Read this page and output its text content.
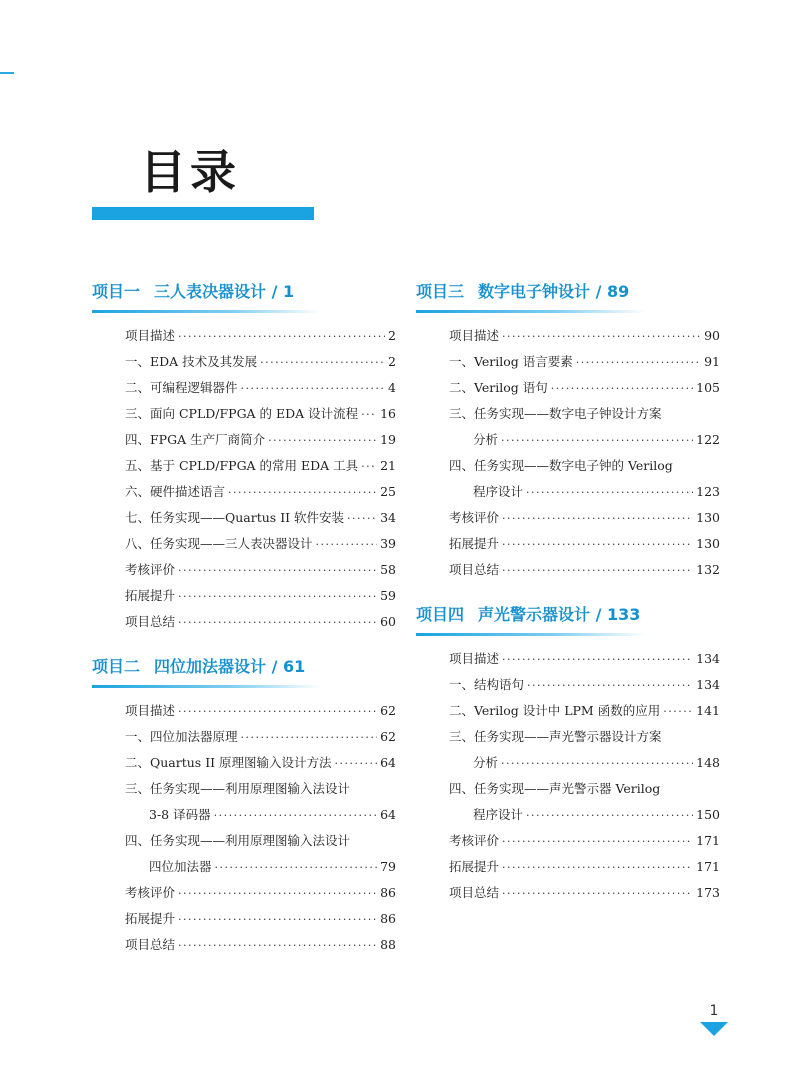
目录
项目一 三人表决器设计 / 1
项目描述 ·····	2
一、EDA 技术及其发展 ·····	2
二、可编程逻辑器件 ·····	4
三、面向 CPLD/FPGA 的 EDA 设计流程 ····· 16
四、FPGA 生产厂商简介 ·····	19
五、基于 CPLD/FPGA 的常用 EDA 工具 ····· 21
六、硬件描述语言 ·····	25
七、任务实现——Quartus II 软件安装 ·····	34
八、任务实现——三人表决器设计 ·····	39
考核评价 ·····	58
拓展提升 ·····	59
项目总结 ·····	60
项目二 四位加法器设计 / 61
项目描述 ·····	62
一、四位加法器原理 ·····	62
二、Quartus II 原理图输入设计方法 ·····	64
三、任务实现——利用原理图输入法设计
3-8 译码器 ·····	64
四、任务实现——利用原理图输入法设计
四位加法器 ·····	79
考核评价 ·····	86
拓展提升 ·····	86
项目总结 ·····	88
项目三 数字电子钟设计 / 89
项目描述 ·····	90
一、Verilog 语言要素 ·····	91
二、Verilog 语句 ·····	105
三、任务实现——数字电子钟设计方案
分析 ·····	122
四、任务实现——数字电子钟的 Verilog
程序设计 ·····	123
考核评价 ·····	130
拓展提升 ·····	130
项目总结 ·····	132
项目四 声光警示器设计 / 133
项目描述 ·····	134
一、结构语句 ·····	134
二、Verilog 设计中 LPM 函数的应用 ·····	141
三、任务实现——声光警示器设计方案
分析 ·····	148
四、任务实现——声光警示器 Verilog
程序设计 ·····	150
考核评价 ·····	171
拓展提升 ·····	171
项目总结 ·····	173
1
